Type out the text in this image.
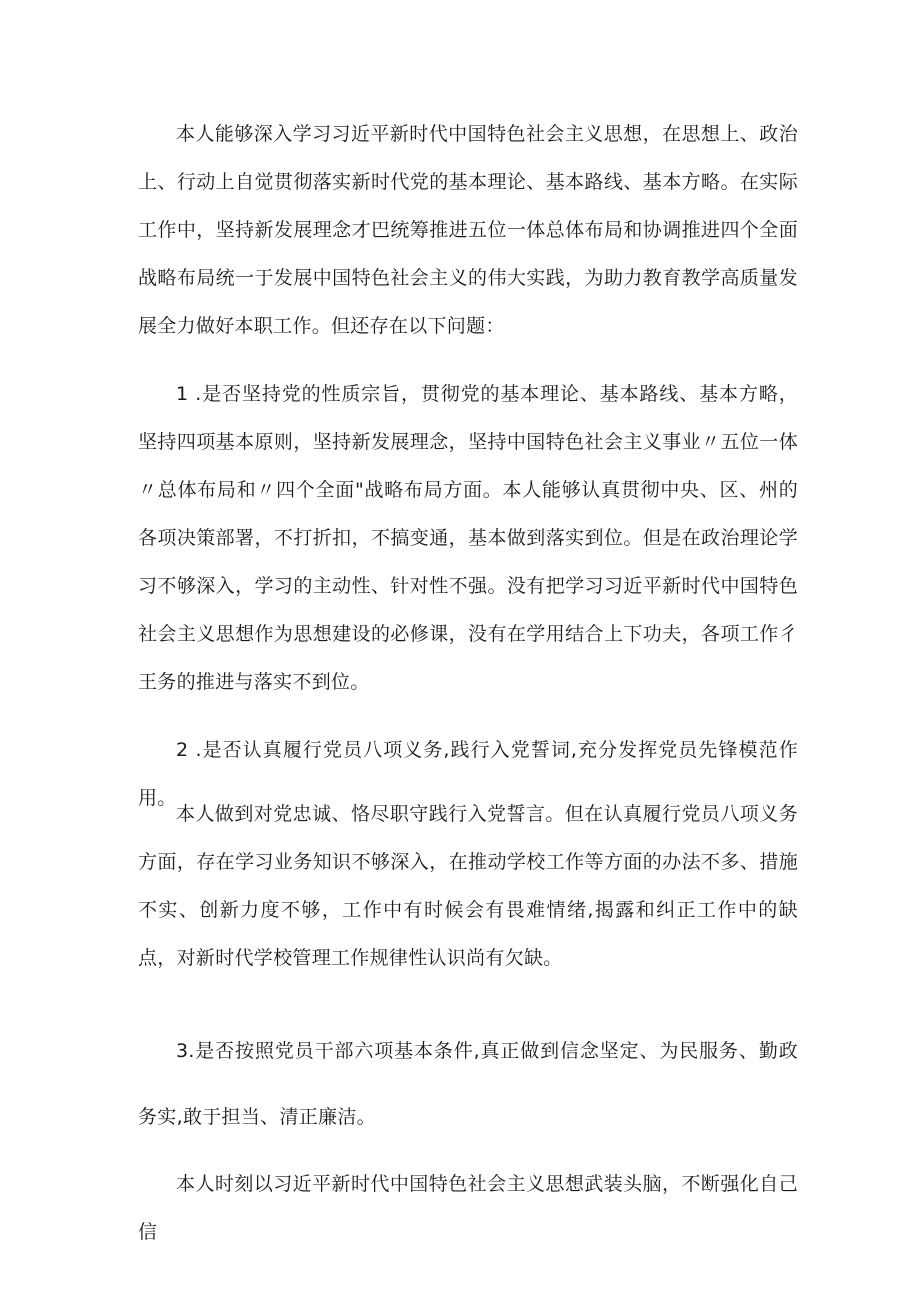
本人能够深入学习习近平新时代中国特色社会主义思想，在思想上、政治上、行动上自觉贯彻落实新时代党的基本理论、基本路线、基本方略。在实际工作中，坚持新发展理念才巴统筹推进五位一体总体布局和协调推进四个全面战略布局统一于发展中国特色社会主义的伟大实践，为助力教育教学高质量发展全力做好本职工作。但还存在以下问题：

1 .是否坚持党的性质宗旨，贯彻党的基本理论、基本路线、基本方略，坚持四项基本原则，坚持新发展理念，坚持中国特色社会主义事业〃五位一体〃总体布局和〃四个全面"战略布局方面。本人能够认真贯彻中央、区、州的各项决策部署，不打折扣，不搞变通，基本做到落实到位。但是在政治理论学习不够深入，学习的主动性、针对性不强。没有把学习习近平新时代中国特色社会主义思想作为思想建设的必修课，没有在学用结合上下功夫，各项工作彳王务的推进与落实不到位。

2 .是否认真履行党员八项义务,践行入党誓词,充分发挥党员先锋模范作用。

本人做到对党忠诚、恪尽职守践行入党誓言。但在认真履行党员八项义务方面，存在学习业务知识不够深入，在推动学校工作等方面的办法不多、措施不实、创新力度不够，工作中有时候会有畏难情绪,揭露和纠正工作中的缺点，对新时代学校管理工作规律性认识尚有欠缺。

3.是否按照党员干部六项基本条件,真正做到信念坚定、为民服务、勤政务实,敢于担当、清正廉洁。

本人时刻以习近平新时代中国特色社会主义思想武装头脑，不断强化自己信
